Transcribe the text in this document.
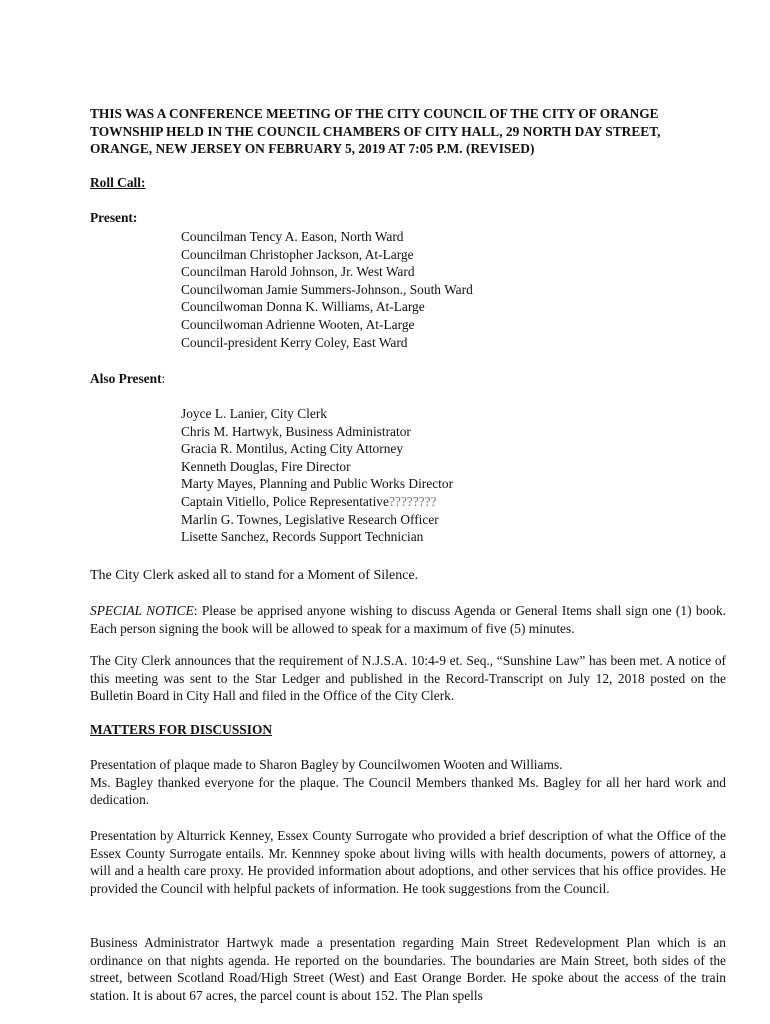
THIS WAS A CONFERENCE MEETING OF THE CITY COUNCIL OF THE CITY OF ORANGE
TOWNSHIP HELD IN THE COUNCIL CHAMBERS OF CITY HALL, 29 NORTH DAY STREET,
ORANGE, NEW JERSEY ON FEBRUARY 5, 2019 AT 7:05 P.M. (REVISED)

Roll Call:

Present:

Councilman Tency A. Eason, North Ward
Councilman Christopher Jackson, At-Large
Councilman Harold Johnson, Jr. West Ward
Councilwoman Jamie Summers-Johnson., South Ward
Councilwoman Donna K. Williams, At-Large
Councilwoman Adrienne Wooten, At-Large
Council-president Kerry Coley, East Ward

Also Present:

Joyce L. Lanier, City Clerk
Chris M. Hartwyk, Business Administrator
Gracia R. Montilus, Acting City Attorney
Kenneth Douglas, Fire Director
Marty Mayes, Planning and Public Works Director
Captain Vitiello, Police Representative????????
Marlin G. Townes, Legislative Research Officer
Lisette Sanchez, Records Support Technician

The City Clerk asked all to stand for a Moment of Silence.

SPECIAL NOTICE: Please be apprised anyone wishing to discuss Agenda or General Items shall sign one (1) book. Each person signing the book will be allowed to speak for a maximum of five (5) minutes.

The City Clerk announces that the requirement of N.J.S.A. 10:4-9 et. Seq., “Sunshine Law” has been met. A notice of this meeting was sent to the Star Ledger and published in the Record-Transcript on July 12, 2018 posted on the Bulletin Board in City Hall and filed in the Office of the City Clerk.

MATTERS FOR DISCUSSION

Presentation of plaque made to Sharon Bagley by Councilwomen Wooten and Williams.
Ms. Bagley thanked everyone for the plaque. The Council Members thanked Ms. Bagley for all her hard work and dedication.

Presentation by Alturrick Kenney, Essex County Surrogate who provided a brief description of what the Office of the Essex County Surrogate entails. Mr. Kennney spoke about living wills with health documents, powers of attorney, a will and a health care proxy. He provided information about adoptions, and other services that his office provides. He provided the Council with helpful packets of information. He took suggestions from the Council.

Business Administrator Hartwyk made a presentation regarding Main Street Redevelopment Plan which is an ordinance on that nights agenda. He reported on the boundaries. The boundaries are Main Street, both sides of the street, between Scotland Road/High Street (West) and East Orange Border. He spoke about the access of the train station. It is about 67 acres, the parcel count is about 152. The Plan spells
